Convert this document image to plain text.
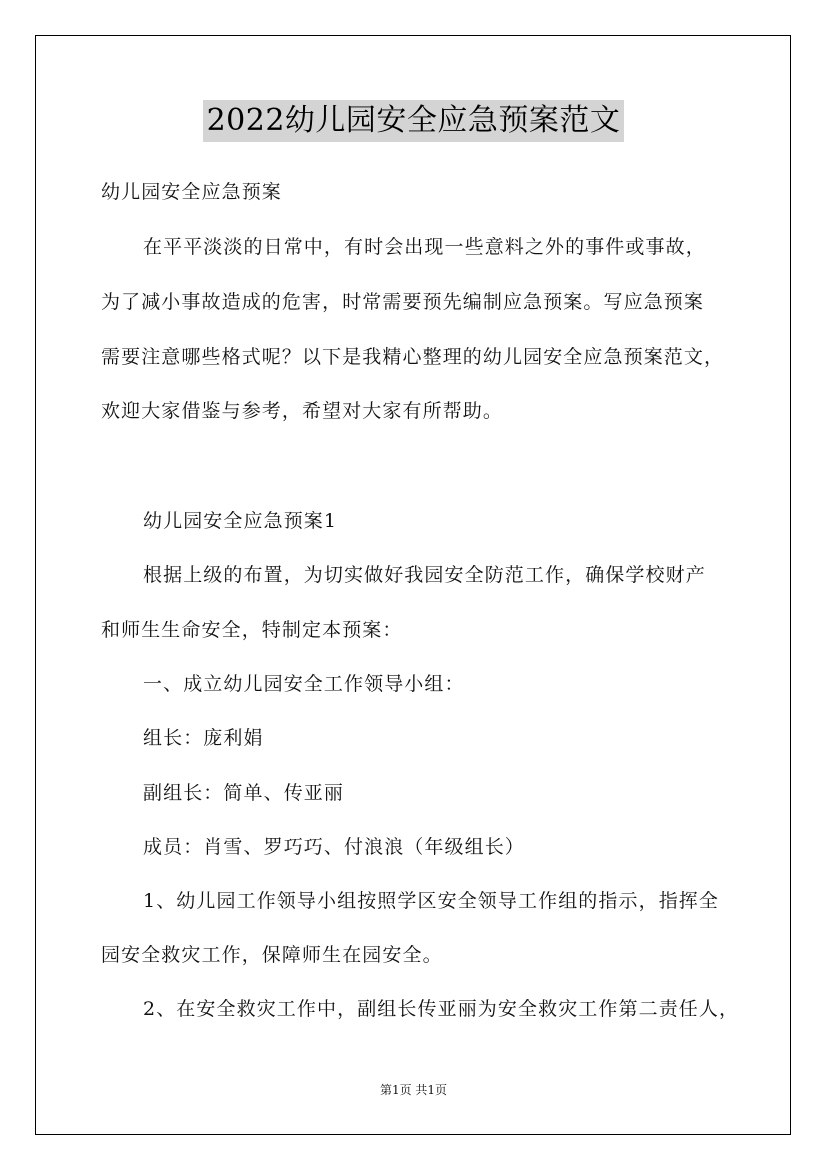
2022幼儿园安全应急预案范文
幼儿园安全应急预案
在平平淡淡的日常中，有时会出现一些意料之外的事件或事故，
为了减小事故造成的危害，时常需要预先编制应急预案。写应急预案
需要注意哪些格式呢？以下是我精心整理的幼儿园安全应急预案范文，
欢迎大家借鉴与参考，希望对大家有所帮助。
幼儿园安全应急预案1
根据上级的布置，为切实做好我园安全防范工作，确保学校财产
和师生生命安全，特制定本预案：
一、成立幼儿园安全工作领导小组：
组长：庞利娟
副组长：简单、传亚丽
成员：肖雪、罗巧巧、付浪浪（年级组长）
1、幼儿园工作领导小组按照学区安全领导工作组的指示，指挥全
园安全救灾工作，保障师生在园安全。
2、在安全救灾工作中，副组长传亚丽为安全救灾工作第二责任人，
第1页 共1页
